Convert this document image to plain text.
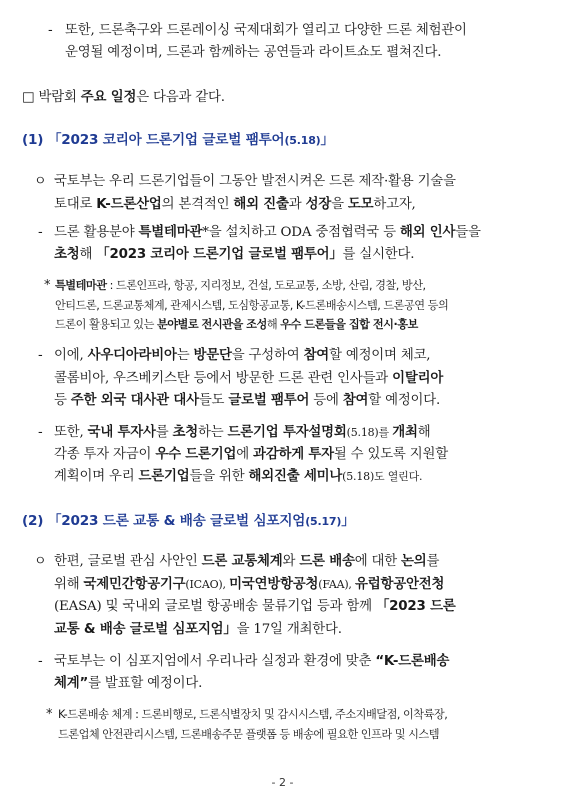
- 또한, 드론축구와 드론레이싱 국제대회가 열리고 다양한 드론 체험관이
운영될 예정이며, 드론과 함께하는 공연들과 라이트쇼도 펼쳐진다.
□ 박람회 주요 일정은 다음과 같다.
(1) 「2023 코리아 드론기업 글로벌 팸투어(5.18)」
ㅇ 국토부는 우리 드론기업들이 그동안 발전시켜온 드론 제작·활용 기술을
토대로 K-드론산업의 본격적인 해외 진출과 성장을 도모하고자,
- 드론 활용분야 특별테마관*을 설치하고 ODA 중점협력국 등 해외 인사들을
초청해 「2023 코리아 드론기업 글로벌 팸투어」를 실시한다.
* 특별테마관 : 드론인프라, 항공, 지리정보, 건설, 도로교통, 소방, 산림, 경찰, 방산,
안티드론, 드론교통체계, 관제시스템, 도심항공교통, K-드론배송시스템, 드론공연 등의
드론이 활용되고 있는 분야별로 전시관을 조성해 우수 드론들을 집합 전시·홍보
- 이에, 사우디아라비아는 방문단을 구성하여 참여할 예정이며 체코,
콜롬비아, 우즈베키스탄 등에서 방문한 드론 관련 인사들과 이탈리아
등 주한 외국 대사관 대사들도 글로벌 팸투어 등에 참여할 예정이다.
- 또한, 국내 투자사를 초청하는 드론기업 투자설명회(5.18)를 개최해
각종 투자 자금이 우수 드론기업에 과감하게 투자될 수 있도록 지원할
계획이며 우리 드론기업들을 위한 해외진출 세미나(5.18)도 열린다.
(2) 「2023 드론 교통 & 배송 글로벌 심포지엄(5.17)」
ㅇ 한편, 글로벌 관심 사안인 드론 교통체계와 드론 배송에 대한 논의를
위해 국제민간항공기구(ICAO), 미국연방항공청(FAA), 유럽항공안전청
(EASA) 및 국내외 글로벌 항공배송 물류기업 등과 함께 「2023 드론
교통 & 배송 글로벌 심포지엄」을 17일 개최한다.
- 국토부는 이 심포지엄에서 우리나라 실정과 환경에 맞춘 “K-드론배송
체계”를 발표할 예정이다.
* K-드론배송 체계 : 드론비행로, 드론식별장치 및 감시시스템, 주소지배달점, 이착륙장,
드론업체 안전관리시스템, 드론배송주문 플랫폼 등 배송에 필요한 인프라 및 시스템
- 2 -
